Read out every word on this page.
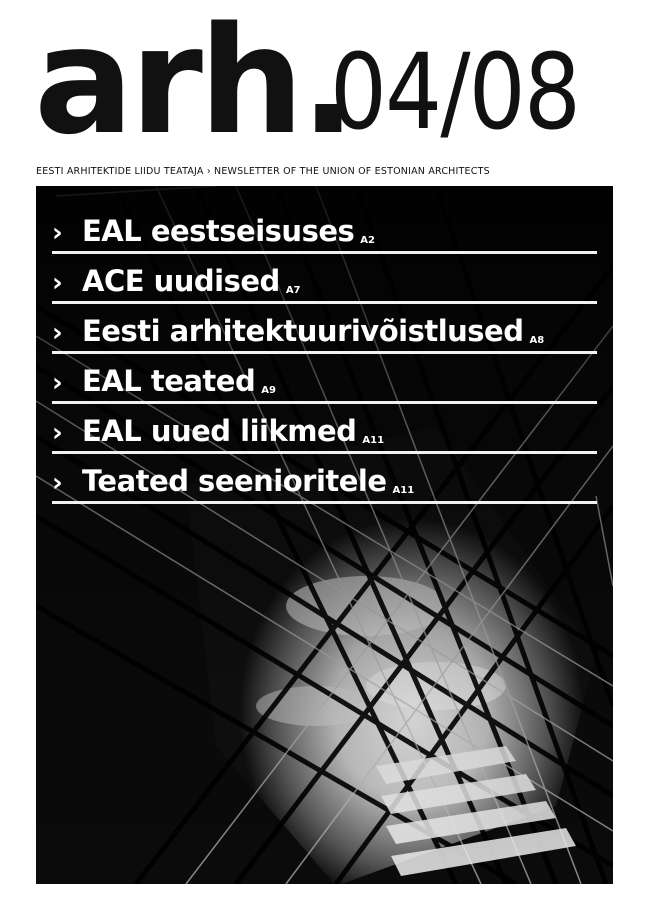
arh.
04/08
EESTI ARHITEKTIDE LIIDU TEATAJA › NEWSLETTER OF THE UNION OF ESTONIAN ARCHITECTS
› EAL eestseisuses A2
› ACE uudised A7
› Eesti arhitektuurivõistlused A8
› EAL teated A9
› EAL uued liikmed A11
› Teated seenioritele A11
